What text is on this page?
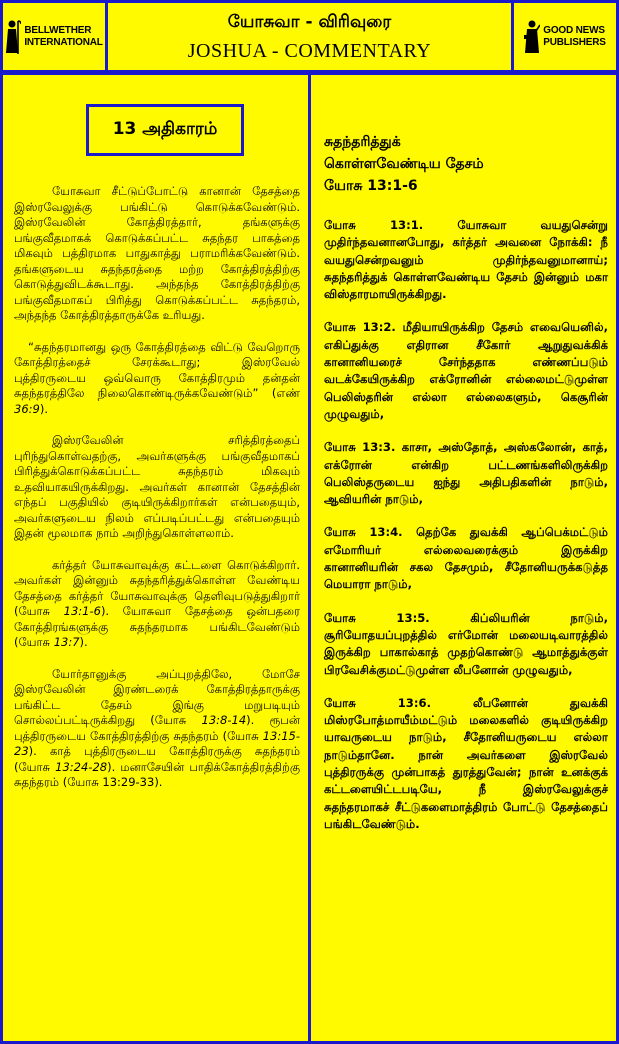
BELLWETHER
INTERNATIONAL
யோசுவா - விரிவுரை
JOSHUA - COMMENTARY
GOOD NEWS
PUBLISHERS
13 அதிகாரம்

யோசுவா சீட்டுப்போட்டு கானான் தேசத்தை இஸ்ரவேலுக்கு பங்கிட்டு கொடுக்கவேண்டும். இஸ்ரவேலின் கோத்திரத்தார், தங்களுக்கு பங்குவீதமாகக் கொடுக்கப்பட்ட சுதந்தர பாகத்தை மிகவும் பத்திரமாக பாதுகாத்து பராமரிக்கவேண்டும். தங்களுடைய சுதந்தரத்தை மற்ற கோத்திரத்திற்கு கொடுத்துவிடக்கூடாது. அந்தந்த கோத்திரத்திற்கு பங்குவீதமாகப் பிரித்து கொடுக்கப்பட்ட சுதந்தரம், அந்தந்த கோத்திரத்தாருக்கே உரியது.

“சுதந்தரமானது ஒரு கோத்திரத்தை விட்டு வேறொரு கோத்திரத்தைச் சேரக்கூடாது; இஸ்ரவேல் புத்திரருடைய ஒவ்வொரு கோத்திரமும் தன்தன் சுதந்தரத்திலே நிலைகொண்டிருக்கவேண்டும்” (எண் 36:9).

இஸ்ரவேலின் சரித்திரத்தைப் புரிந்துகொள்வதற்கு, அவர்களுக்கு பங்குவீதமாகப் பிரித்துக்கொடுக்கப்பட்ட சுதந்தரம் மிகவும் உதவியாகயிருக்கிறது. அவர்கள் கானான் தேசத்தின் எந்தப் பகுதியில் குடியிருக்கிறார்கள் என்பதையும், அவர்களுடைய நிலம் எப்படிப்பட்டது என்பதையும் இதன் மூலமாக நாம் அறிந்துகொள்ளலாம்.

கர்த்தர் யோசுவாவுக்கு கட்டளை கொடுக்கிறார். அவர்கள் இன்னும் சுதந்தரித்துக்கொள்ள வேண்டிய தேசத்தை கர்த்தர் யோசுவாவுக்கு தெளிவுபடுத்துகிறார் (யோசு 13:1-6). யோசுவா தேசத்தை ஒன்பதரை கோத்திரங்களுக்கு சுதந்தரமாக பங்கிடவேண்டும் (யோசு 13:7).

யோர்தானுக்கு அப்புறத்திலே, மோசே இஸ்ரவேலின் இரண்டரைக் கோத்திரத்தாருக்கு பங்கிட்ட தேசம் இங்கு மறுபடியும் சொல்லப்பட்டிருக்கிறது (யோசு 13:8-14). ரூபன் புத்திரருடைய கோத்திரத்திற்கு சுதந்தரம் (யோசு 13:15-23). காத் புத்திரருடைய கோத்திரருக்கு சுதந்தரம் (யோசு 13:24-28). மனாசேயின் பாதிக்கோத்திரத்திற்கு சுதந்தரம் (யோசு 13:29-33).

சுதந்தரித்துக்
கொள்ளவேண்டிய தேசம்
யோசு 13:1-6

யோசு 13:1. யோசுவா வயதுசென்று முதிர்ந்தவனானபோது, கர்த்தர் அவனை நோக்கி: நீ வயதுசென்றவனும் முதிர்ந்தவனுமானாய்; சுதந்தரித்துக் கொள்ளவேண்டிய தேசம் இன்னும் மகா விஸ்தாரமாயிருக்கிறது.

யோசு 13:2. மீதியாயிருக்கிற தேசம் எவையெனில், எகிப்துக்கு எதிரான சீகோர் ஆறுதுவக்கிக் கானானியரைச் சேர்ந்ததாக எண்ணப்படும் வடக்கேயிருக்கிற எக்ரோனின் எல்லைமட்டுமுள்ள பெலிஸ்தரின் எல்லா எல்லைகளும், கெசூரின் முழுவதும்,

யோசு 13:3. காசா, அஸ்தோத், அஸ்கலோன், காத், எக்ரோன் என்கிற பட்டணங்களிலிருக்கிற பெலிஸ்தருடைய ஐந்து அதிபதிகளின் நாடும், ஆவியரின் நாடும்,

யோசு 13:4. தெற்கே துவக்கி ஆப்பெக்மட்டும் எமோரியர் எல்லைவரைக்கும் இருக்கிற கானானியரின் சகல தேசமும், சீதோனியருக்கடுத்த மெயாரா நாடும்,

யோசு 13:5. கிப்லியரின் நாடும், சூரியோதயப்புறத்தில் எர்மோன் மலையடிவாரத்தில் இருக்கிற பாகால்காத் முதற்கொண்டு ஆமாத்துக்குள் பிரவேசிக்குமட்டுமுள்ள லீபனோன் முழுவதும்,

யோசு 13:6. லீபனோன் துவக்கி மிஸ்ரபோத்மாயீம்மட்டும் மலைகளில் குடியிருக்கிற யாவருடைய நாடும், சீதோனியருடைய எல்லா நாடும்தானே. நான் அவர்களை இஸ்ரவேல் புத்திரருக்கு முன்பாகத் துரத்துவேன்; நான் உனக்குக் கட்டளையிட்டபடியே, நீ இஸ்ரவேலுக்குச் சுதந்தரமாகச் சீட்டுகளைமாத்திரம் போட்டு தேசத்தைப் பங்கிடவேண்டும்.
